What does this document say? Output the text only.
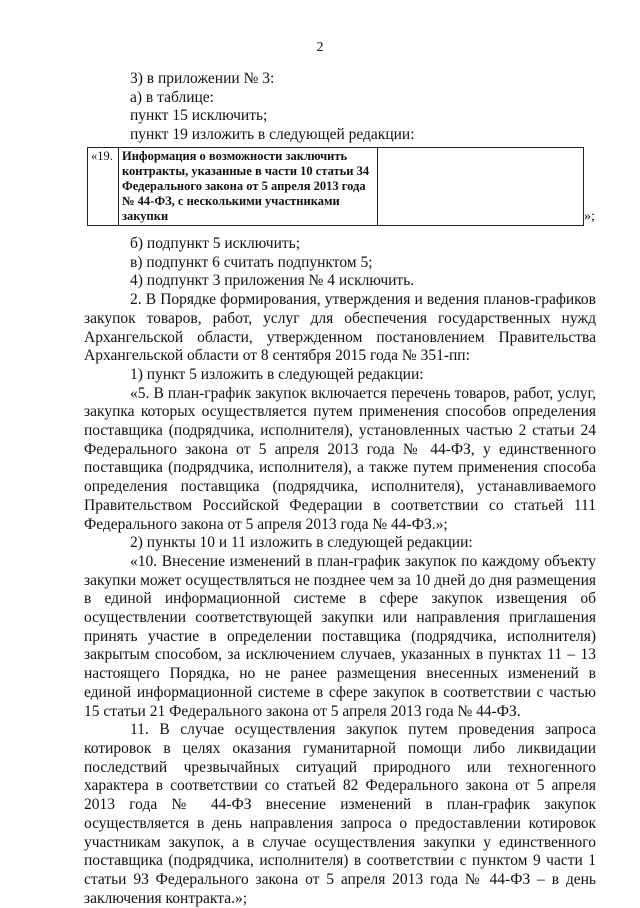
2
3) в приложении № 3:
а) в таблице:
пункт 15 исключить;
пункт 19 изложить в следующей редакции:
«19.	Информация о возможности заключить контракты, указанные в части 10 статьи 34 Федерального закона от 5 апреля 2013 года № 44-ФЗ, с несколькими участниками закупки		»;
б) подпункт 5 исключить;
в) подпункт 6 считать подпунктом 5;
4) подпункт 3 приложения № 4 исключить.
2. В Порядке формирования, утверждения и ведения планов-графиков закупок товаров, работ, услуг для обеспечения государственных нужд Архангельской области, утвержденном постановлением Правительства Архангельской области от 8 сентября 2015 года № 351-пп:
1) пункт 5 изложить в следующей редакции:
«5. В план-график закупок включается перечень товаров, работ, услуг, закупка которых осуществляется путем применения способов определения поставщика (подрядчика, исполнителя), установленных частью 2 статьи 24 Федерального закона от 5 апреля 2013 года № 44-ФЗ, у единственного поставщика (подрядчика, исполнителя), а также путем применения способа определения поставщика (подрядчика, исполнителя), устанавливаемого Правительством Российской Федерации в соответствии со статьей 111 Федерального закона от 5 апреля 2013 года № 44-ФЗ.»;
2) пункты 10 и 11 изложить в следующей редакции:
«10. Внесение изменений в план-график закупок по каждому объекту закупки может осуществляться не позднее чем за 10 дней до дня размещения в единой информационной системе в сфере закупок извещения об осуществлении соответствующей закупки или направления приглашения принять участие в определении поставщика (подрядчика, исполнителя) закрытым способом, за исключением случаев, указанных в пунктах 11 – 13 настоящего Порядка, но не ранее размещения внесенных изменений в единой информационной системе в сфере закупок в соответствии с частью 15 статьи 21 Федерального закона от 5 апреля 2013 года № 44-ФЗ.
11. В случае осуществления закупок путем проведения запроса котировок в целях оказания гуманитарной помощи либо ликвидации последствий чрезвычайных ситуаций природного или техногенного характера в соответствии со статьей 82 Федерального закона от 5 апреля 2013 года № 44-ФЗ внесение изменений в план-график закупок осуществляется в день направления запроса о предоставлении котировок участникам закупок, а в случае осуществления закупки у единственного поставщика (подрядчика, исполнителя) в соответствии с пунктом 9 части 1 статьи 93 Федерального закона от 5 апреля 2013 года № 44-ФЗ – в день заключения контракта.»;
